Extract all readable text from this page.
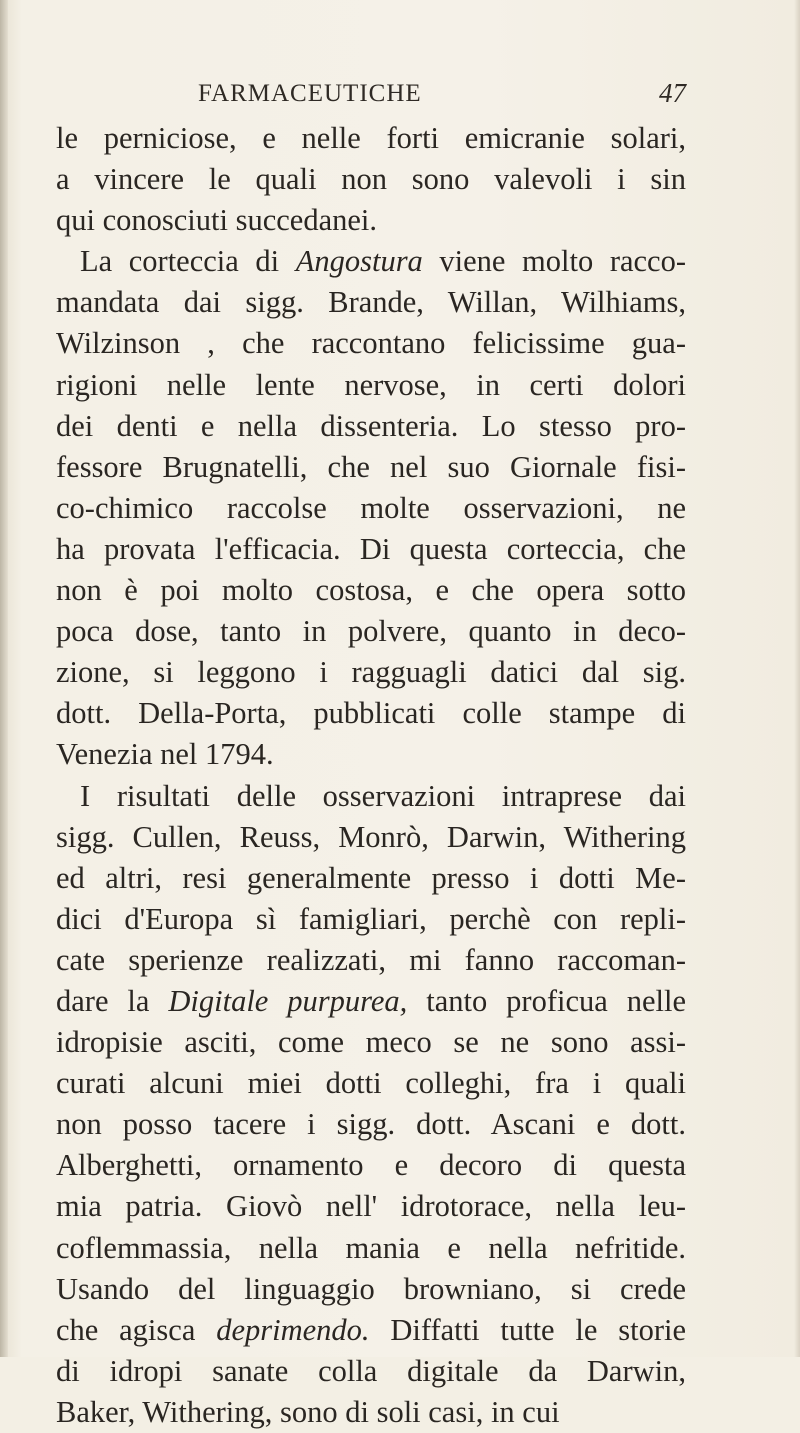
FARMACEUTICHE	47
le perniciose, e nelle forti emicranie solari,
a vincere le quali non sono valevoli i sin
qui conosciuti succedanei.
La corteccia di Angostura viene molto racco-
mandata dai sigg. Brande, Willan, Wilhiams,
Wilzinson , che raccontano felicissime gua-
rigioni nelle lente nervose, in certi dolori
dei denti e nella dissenteria. Lo stesso pro-
fessore Brugnatelli, che nel suo Giornale fisi-
co-chimico raccolse molte osservazioni, ne
ha provata l'efficacia. Di questa corteccia, che
non è poi molto costosa, e che opera sotto
poca dose, tanto in polvere, quanto in deco-
zione, si leggono i ragguagli datici dal sig.
dott. Della-Porta, pubblicati colle stampe di
Venezia nel 1794.
I risultati delle osservazioni intraprese dai
sigg. Cullen, Reuss, Monrò, Darwin, Withering
ed altri, resi generalmente presso i dotti Me-
dici d'Europa sì famigliari, perchè con repli-
cate sperienze realizzati, mi fanno raccoman-
dare la Digitale purpurea, tanto proficua nelle
idropisie asciti, come meco se ne sono assi-
curati alcuni miei dotti colleghi, fra i quali
non posso tacere i sigg. dott. Ascani e dott.
Alberghetti, ornamento e decoro di questa
mia patria. Giovò nell' idrotorace, nella leu-
coflemmassia, nella mania e nella nefritide.
Usando del linguaggio browniano, si crede
che agisca deprimendo. Diffatti tutte le storie
di idropi sanate colla digitale da Darwin,
Baker, Withering, sono di soli casi, in cui
